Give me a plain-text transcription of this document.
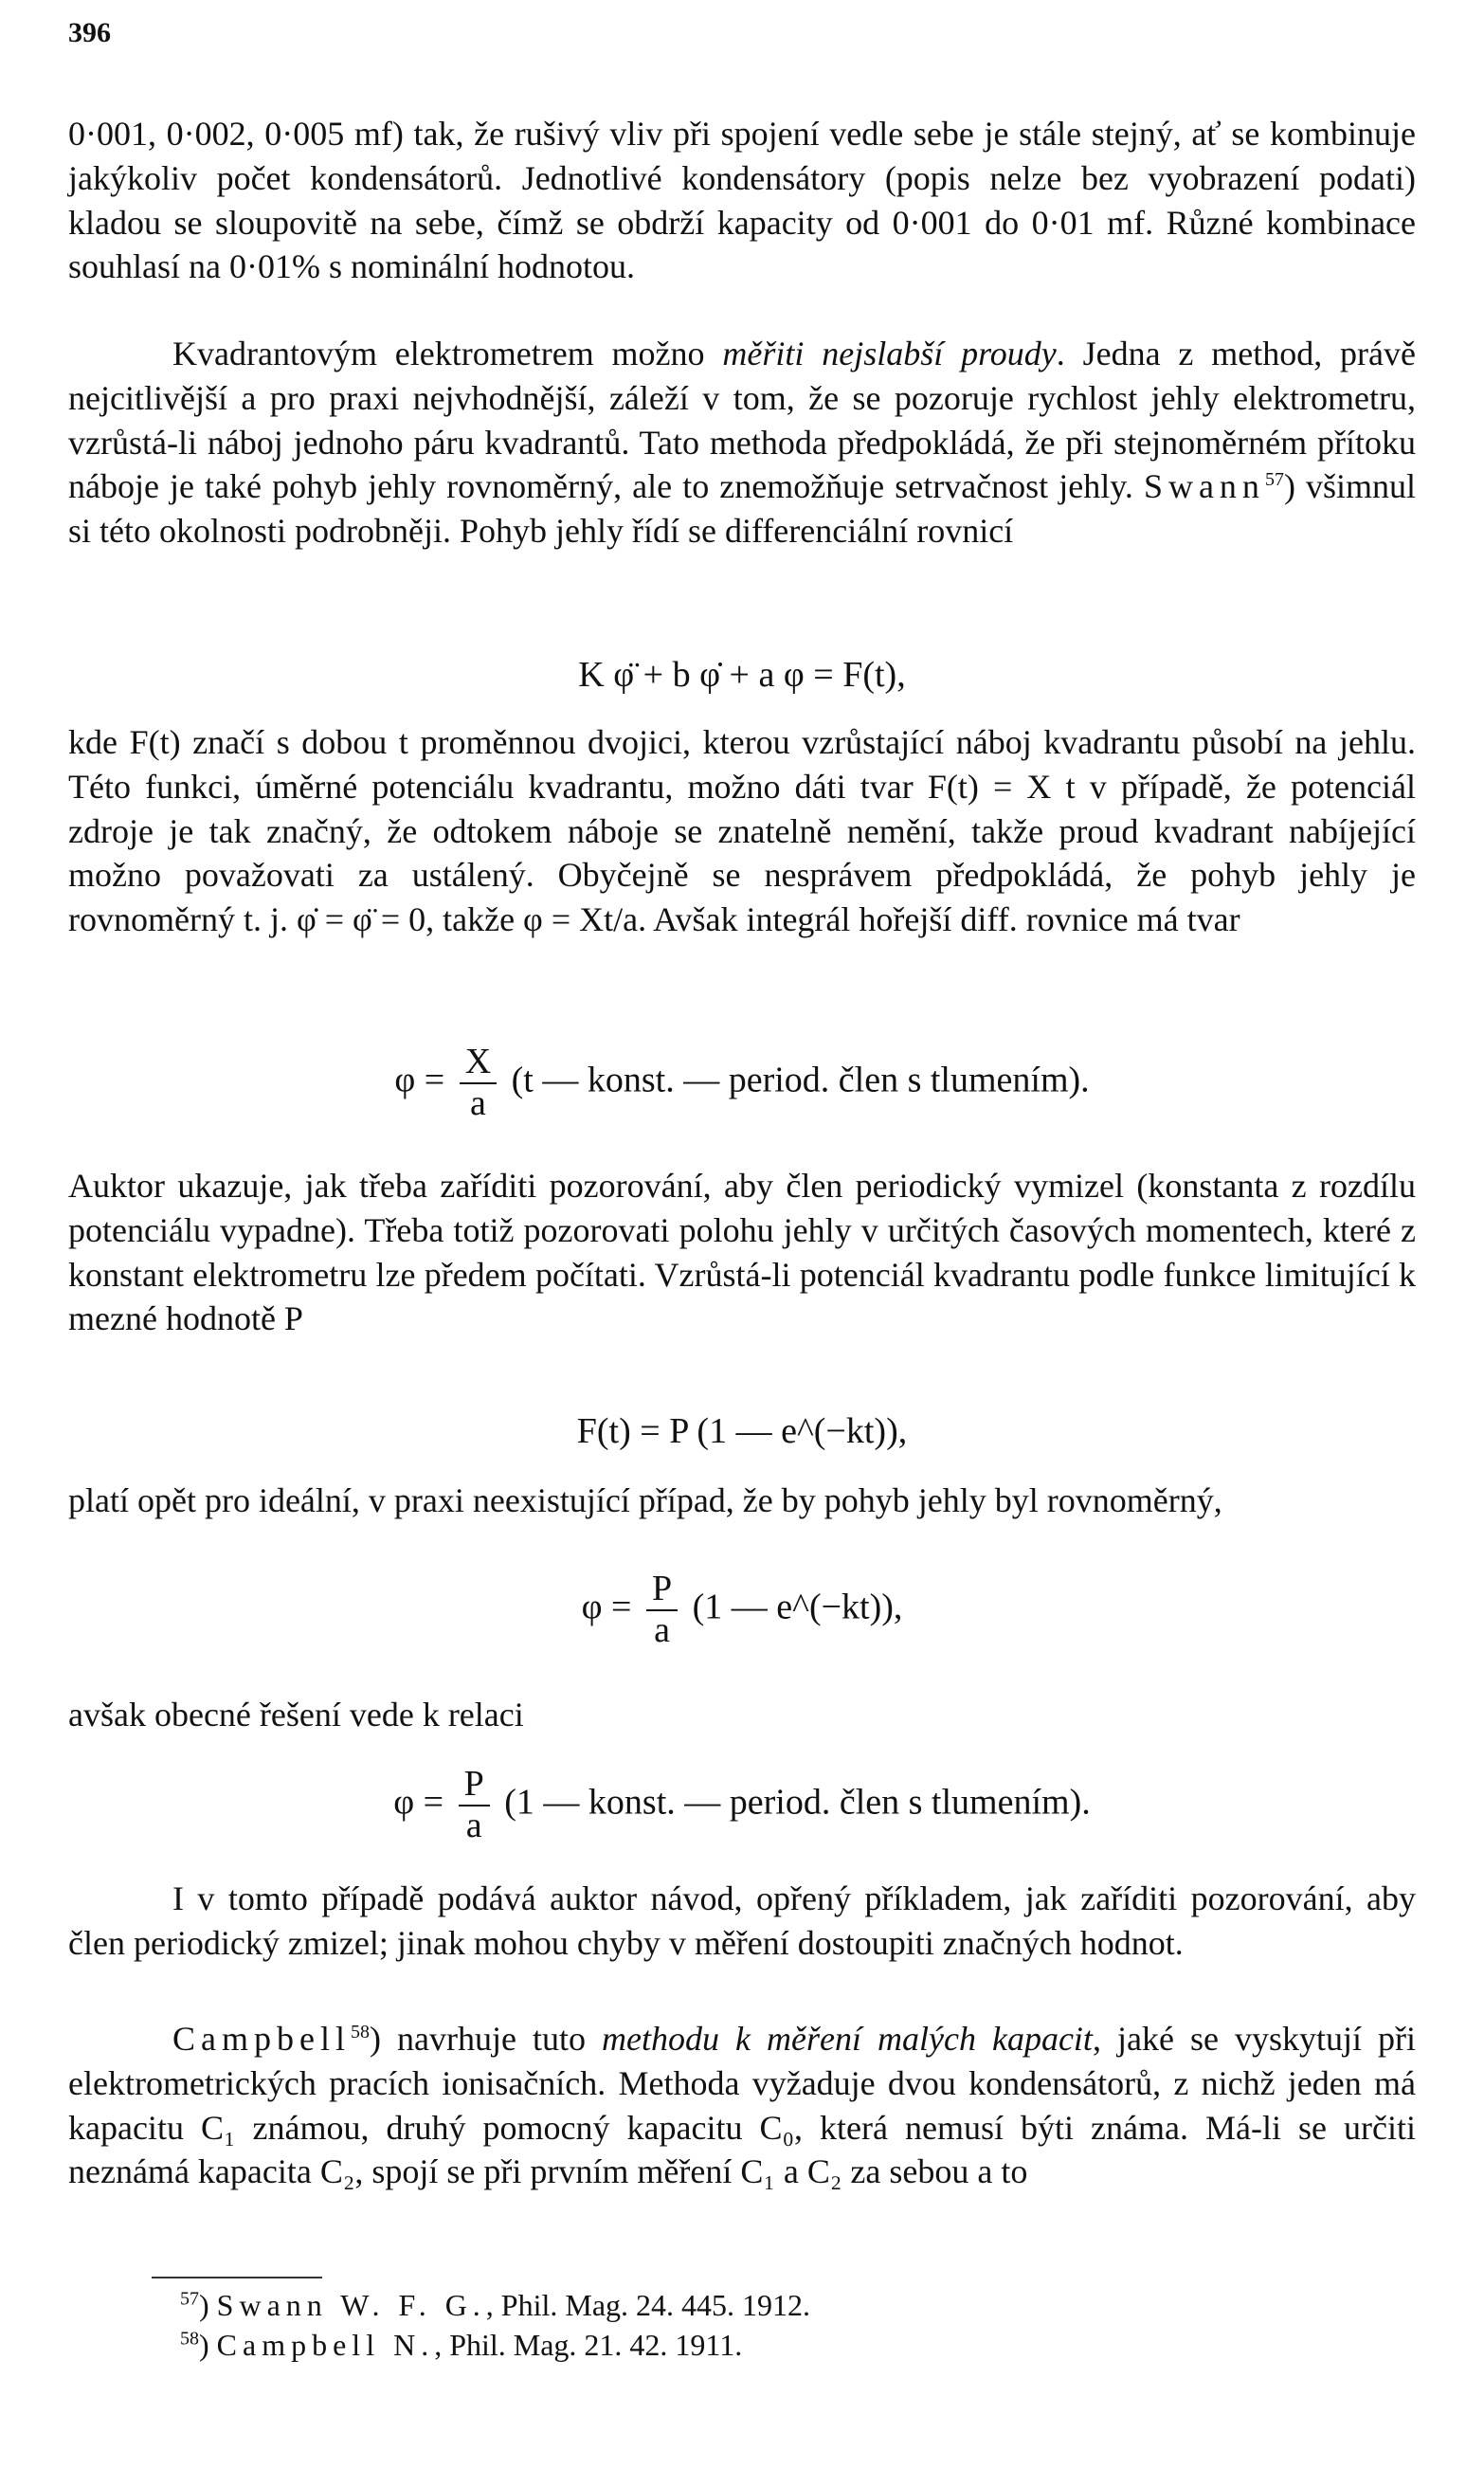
396

0·001, 0·002, 0·005 mf) tak, že rušivý vliv při spojení vedle sebe je stále stejný, ať se kombinuje jakýkoliv počet kondensátorů. Jednotlivé kondensátory (popis nelze bez vyobrazení podati) kladou se sloupovitě na sebe, čímž se obdrží kapacity od 0·001 do 0·01 mf. Různé kombinace souhlasí na 0·01% s nominální hodnotou.

Kvadrantovým elektrometrem možno měřiti nejslabší proudy. Jedna z method, právě nejcitlivější a pro praxi nejvhodnější, záleží v tom, že se pozoruje rychlost jehly elektrometru, vzrůstá-li náboj jednoho páru kvadrantů. Tato methoda předpokládá, že při stejnoměrném přítoku náboje je také pohyb jehly rovnoměrný, ale to znemožňuje setrvačnost jehly. Swann$^{57}$) všimnul si této okolnosti podrobněji. Pohyb jehly řídí se differenciální rovnicí

K φ̈ + b φ̇ + a φ = F(t),

kde F(t) značí s dobou t proměnnou dvojici, kterou vzrůstající náboj kvadrantu působí na jehlu. Této funkci, úměrné potenciálu kvadrantu, možno dáti tvar F(t) = X t v případě, že potenciál zdroje je tak značný, že odtokem náboje se znatelně nemění, takže proud kvadrant nabíjející možno považovati za ustálený. Obyčejně se nesprávem předpokládá, že pohyb jehly je rovnoměrný t. j. φ̇ = φ̈ = 0, takže φ = Xt/a. Avšak integrál hořejší diff. rovnice má tvar

$\varphi = \frac{X}{a} (t$ — konst. — period. člen s tlumením).

Auktor ukazuje, jak třeba zaříditi pozorování, aby člen periodický vymizel (konstanta z rozdílu potenciálu vypadne). Třeba totiž pozorovati polohu jehly v určitých časových momentech, které z konstant elektrometru lze předem počítati. Vzrůstá-li potenciál kvadrantu podle funkce limitující k mezné hodnotě P

F(t) = P (1 — e^(−kt)),

platí opět pro ideální, v praxi neexistující případ, že by pohyb jehly byl rovnoměrný,

$\varphi = \frac{P}{a} (1$ — e^(−kt)),

avšak obecné řešení vede k relaci

$\varphi = \frac{P}{a} (1$ — konst. — period. člen s tlumením).

I v tomto případě podává auktor návod, opřený příkladem, jak zaříditi pozorování, aby člen periodický zmizel; jinak mohou chyby v měření dostoupiti značných hodnot.

Campbell$^{58}$) navrhuje tuto methodu k měření malých kapacit, jaké se vyskytují při elektrometrických pracích ionisačních. Methoda vyžaduje dvou kondensátorů, z nichž jeden má kapacitu C₁ známou, druhý pomocný kapacitu C₀, která nemusí býti známa. Má-li se určiti neznámá kapacita C₂, spojí se při prvním měření C₁ a C₂ za sebou a to

$^{57}$) Swann W. F. G., Phil. Mag. 24. 445. 1912.
$^{58}$) Campbell N., Phil. Mag. 21. 42. 1911.
